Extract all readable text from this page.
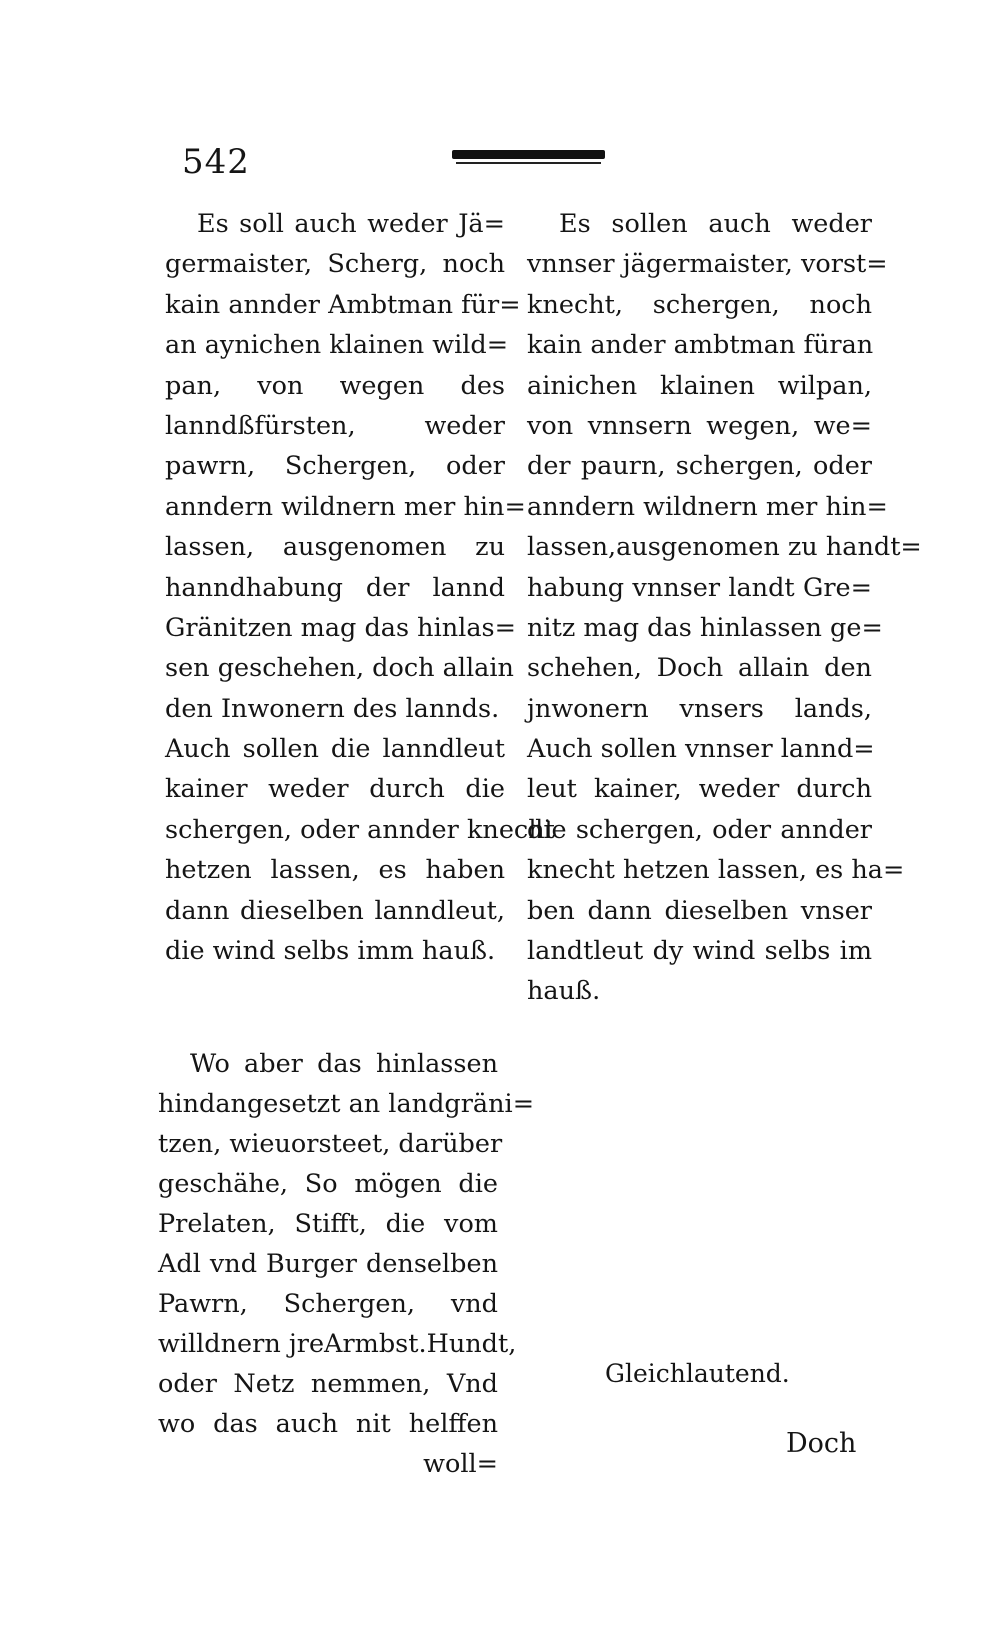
542
Es soll auch weder Jä=
germaister, Scherg, noch
kain annder Ambtman für=
an aynichen klainen wild=
pan, von wegen des
lanndßfürsten, weder
pawrn, Schergen, oder
anndern wildnern mer hin=
lassen, ausgenomen zu
hanndhabung der lannd
Gränitzen mag das hinlas=
sen geschehen, doch allain
den Inwonern des lannds.
Auch sollen die lanndleut
kainer weder durch die
schergen, oder annder knecht
hetzen lassen, es haben
dann dieselben lanndleut,
die wind selbs imm hauß.
Es sollen auch weder
vnnser jägermaister, vorst=
knecht, schergen, noch
kain ander ambtman füran
ainichen klainen wilpan,
von vnnsern wegen, we=
der paurn, schergen, oder
anndern wildnern mer hin=
lassen,ausgenomen zu handt=
habung vnnser landt Gre=
nitz mag das hinlassen ge=
schehen, Doch allain den
jnwonern vnsers lands,
Auch sollen vnnser lannd=
leut kainer, weder durch
die schergen, oder annder
knecht hetzen lassen, es ha=
ben dann dieselben vnser
landtleut dy wind selbs im
hauß.
Wo aber das hinlassen
hindangesetzt an landgräni=
tzen, wieuorsteet, darüber
geschähe, So mögen die
Prelaten, Stifft, die vom
Adl vnd Burger denselben
Pawrn, Schergen, vnd
willdnern jreArmbst.Hundt,
oder Netz nemmen, Vnd
wo das auch nit helffen
woll=
Gleichlautend.
Doch
